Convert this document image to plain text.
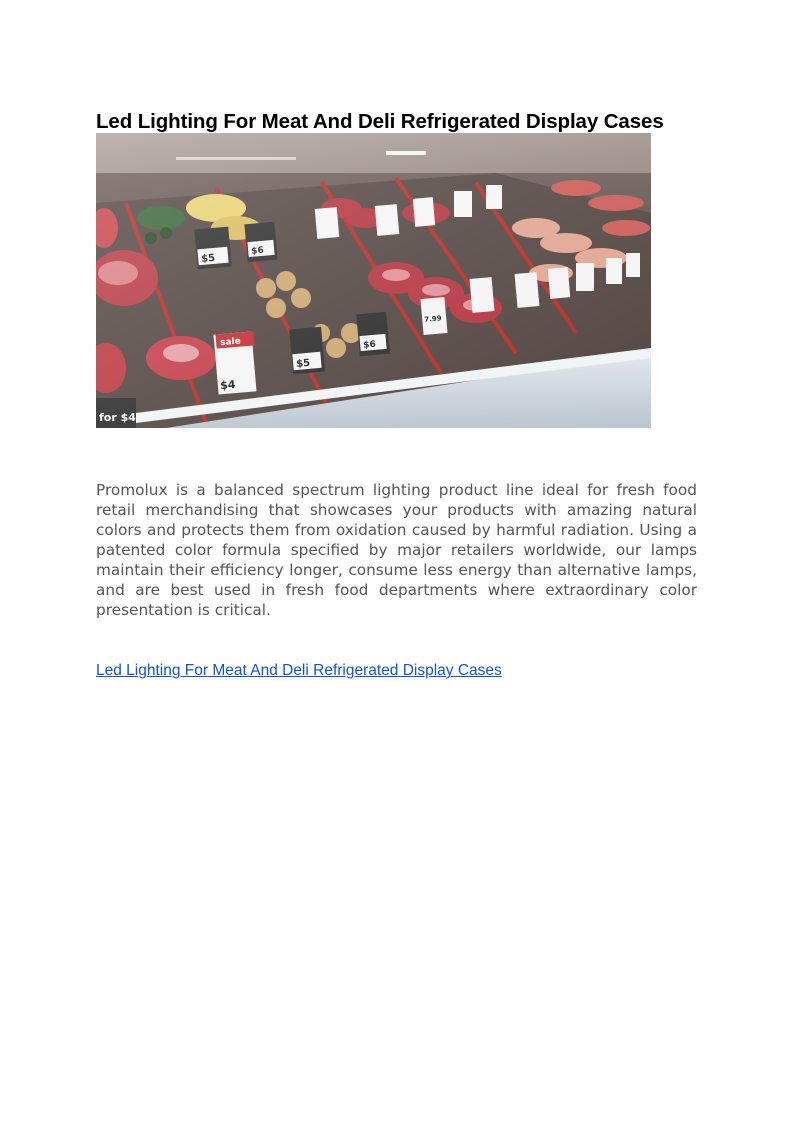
Led Lighting For Meat And Deli Refrigerated Display Cases

Promolux is a balanced spectrum lighting product line ideal for fresh food retail merchandising that showcases your products with amazing natural colors and protects them from oxidation caused by harmful radiation. Using a patented color formula specified by major retailers worldwide, our lamps maintain their efficiency longer, consume less energy than alternative lamps, and are best used in fresh food departments where extraordinary color presentation is critical.

Led Lighting For Meat And Deli Refrigerated Display Cases
